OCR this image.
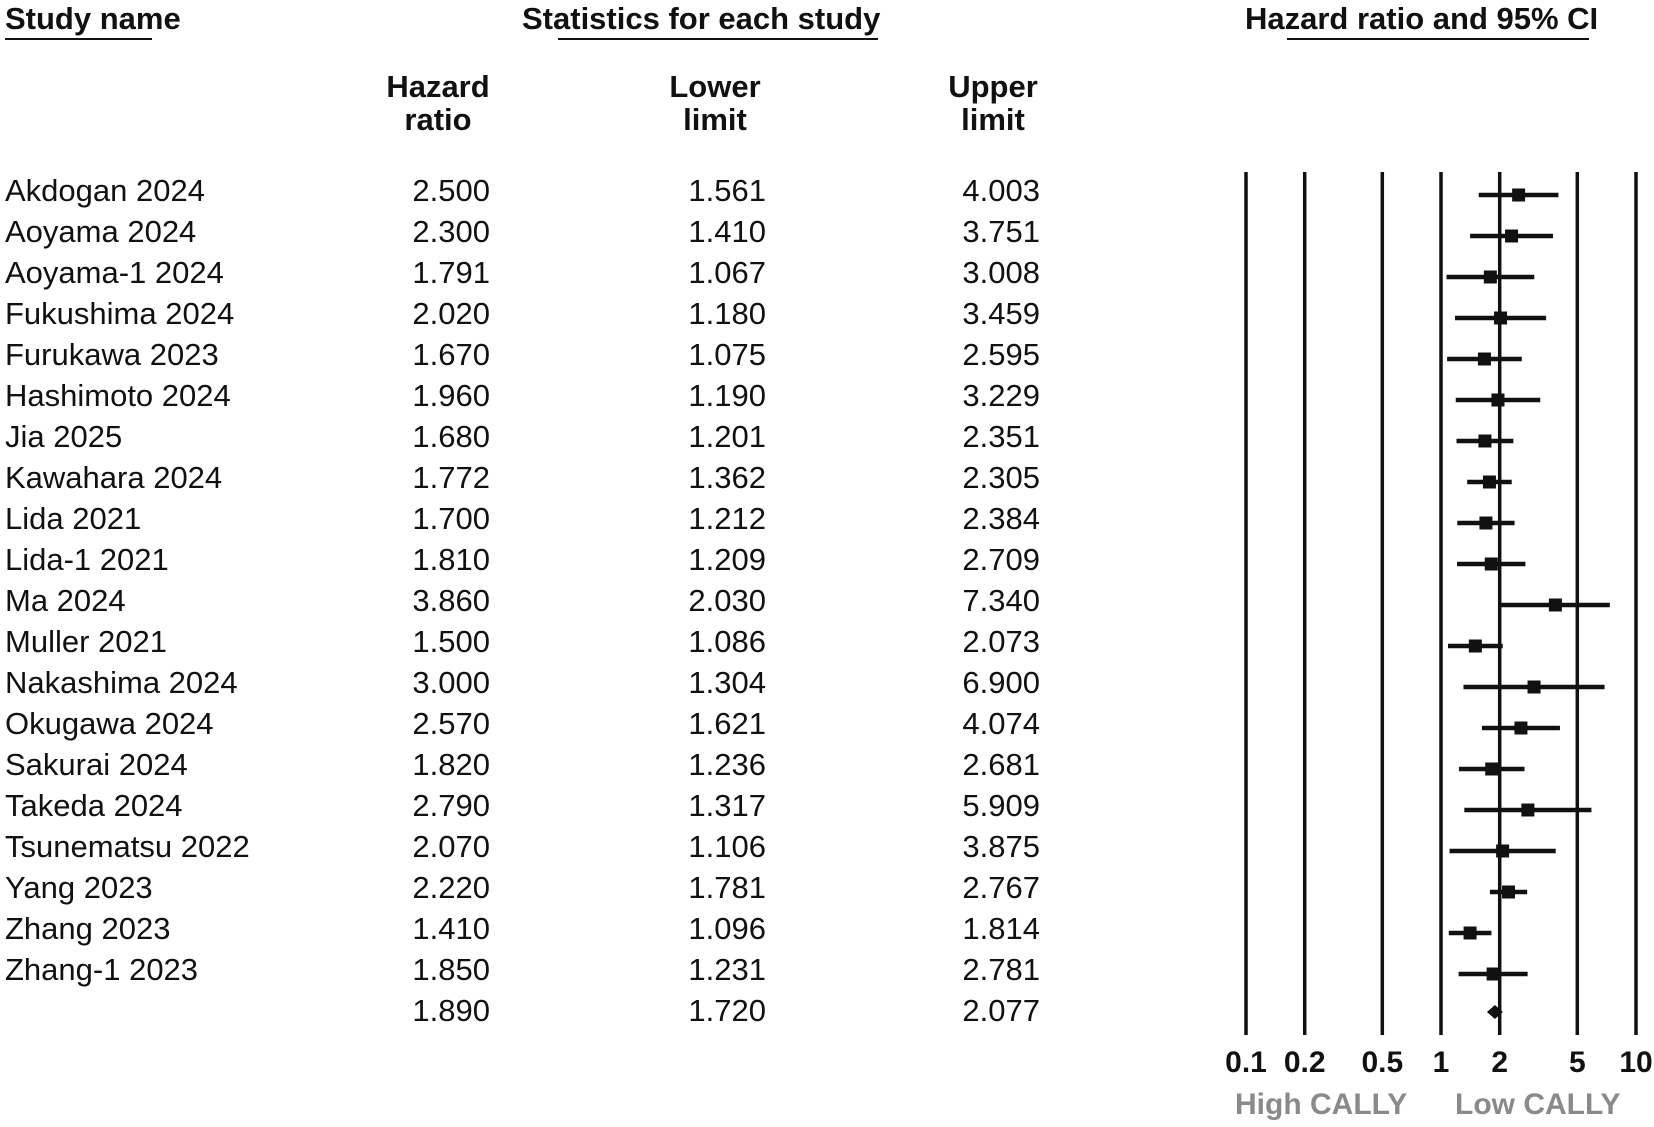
Study name	Statistics for each study	Hazard ratio and 95% CI
Hazard
ratio
Lower
limit
Upper
limit
Akdogan 2024	2.500	1.561	4.003
Aoyama 2024	2.300	1.410	3.751
Aoyama-1 2024	1.791	1.067	3.008
Fukushima 2024	2.020	1.180	3.459
Furukawa 2023	1.670	1.075	2.595
Hashimoto 2024	1.960	1.190	3.229
Jia 2025	1.680	1.201	2.351
Kawahara 2024	1.772	1.362	2.305
Lida 2021	1.700	1.212	2.384
Lida-1 2021	1.810	1.209	2.709
Ma 2024	3.860	2.030	7.340
Muller 2021	1.500	1.086	2.073
Nakashima 2024	3.000	1.304	6.900
Okugawa 2024	2.570	1.621	4.074
Sakurai 2024	1.820	1.236	2.681
Takeda 2024	2.790	1.317	5.909
Tsunematsu 2022	2.070	1.106	3.875
Yang 2023	2.220	1.781	2.767
Zhang 2023	1.410	1.096	1.814
Zhang-1 2023	1.850	1.231	2.781
1.890	1.720	2.077
0.1 0.2 0.5 1 2 5 10
High CALLY Low CALLY
